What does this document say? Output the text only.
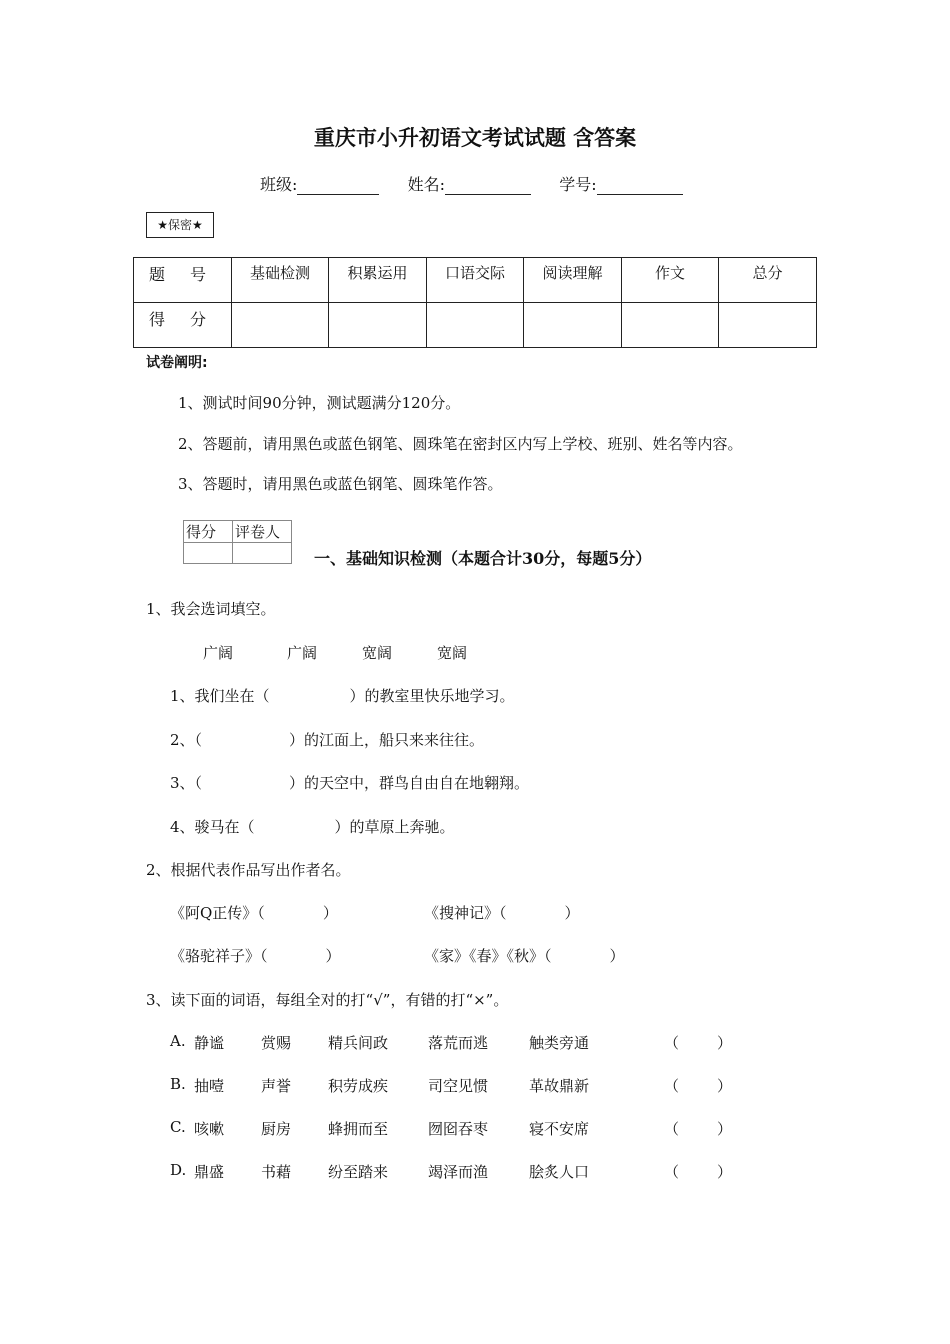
重庆市小升初语文考试试题 含答案
班级:	姓名:	学号:
★保密★
题 号	基础检测	积累运用	口语交际	阅读理解	作文	总分
得 分						
试卷阐明:
1、测试时间90分钟，测试题满分120分。
2、答题前，请用黑色或蓝色钢笔、圆珠笔在密封区内写上学校、班别、姓名等内容。
3、答题时，请用黑色或蓝色钢笔、圆珠笔作答。
得分	评卷人

一、基础知识检测（本题合计30分，每题5分）
1、我会选词填空。
广阔	广阔	宽阔	宽阔
1、我们坐在（	）的教室里快乐地学习。
2、（	）的江面上，船只来来往往。
3、（	）的天空中，群鸟自由自在地翱翔。
4、骏马在（	）的草原上奔驰。
2、根据代表作品写出作者名。
《阿Q正传》（	）	《搜神记》（	）
《骆驼祥子》（	）	《家》《春》《秋》（	）
3、读下面的词语，每组全对的打“√”，有错的打“×”。
A. 静谧 赏赐 精兵间政	落荒而逃	触类旁通	（	）
B. 抽噎 声誉 积劳成疾	司空见惯	革故鼎新	（	）
C. 咳嗽 厨房 蜂拥而至	囫囵吞枣	寝不安席	（	）
D. 鼎盛 书藉 纷至踏来	竭泽而渔	脍炙人口	（	）
